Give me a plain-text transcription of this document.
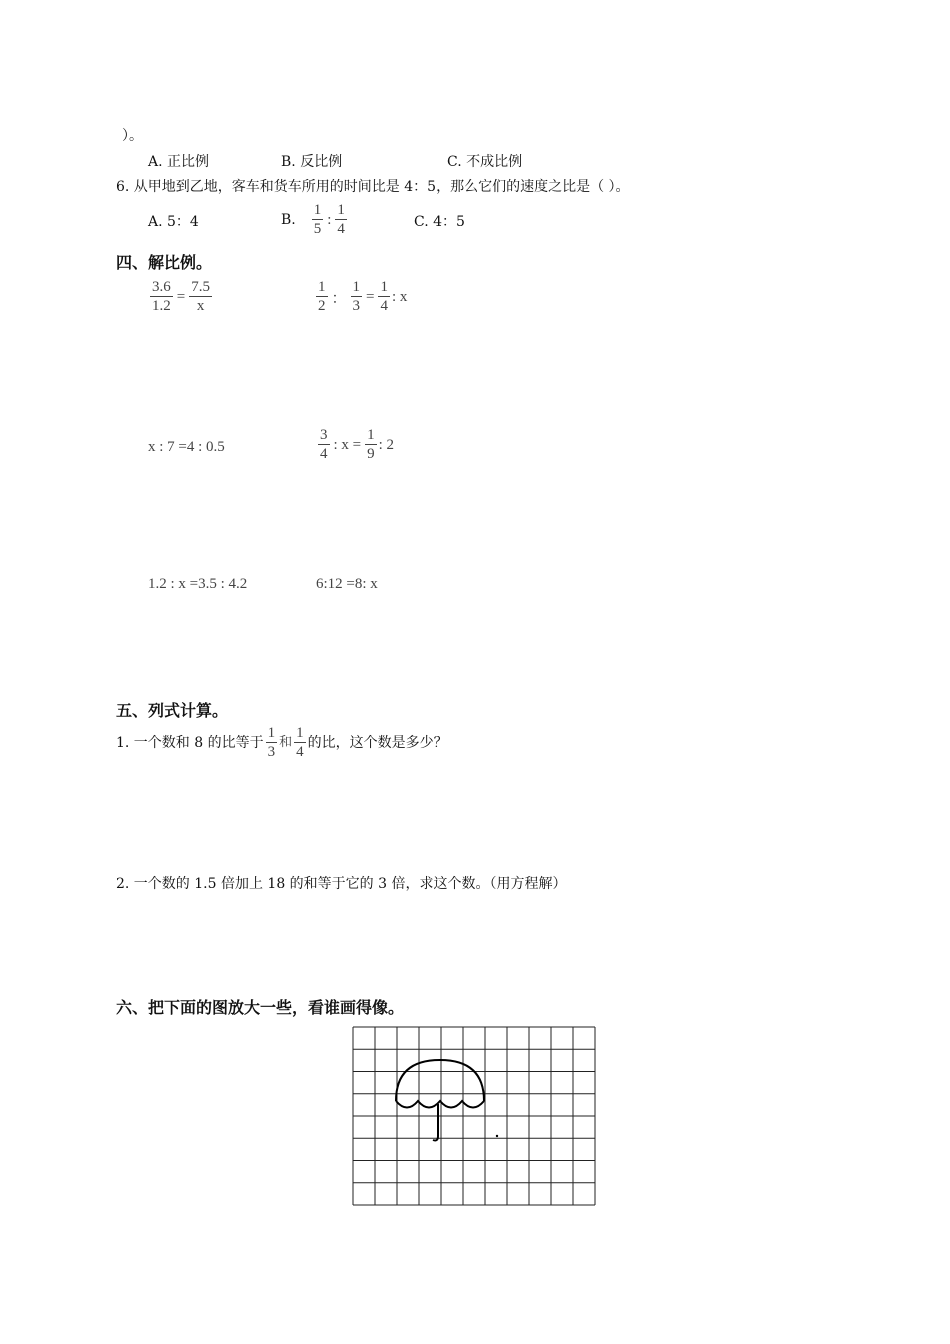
）。
A. 正比例	B. 反比例	C. 不成比例
6. 从甲地到乙地，客车和货车所用的时间比是 4：5，那么它们的速度之比是（ ）。
A. 5：4	B. $\frac{1}{5}$ : $\frac{1}{4}$	C. 4：5
四、解比例。
$\frac{3.6}{1.2} = \frac{7.5}{x}$	$\frac{1}{2}$ ： $\frac{1}{3} = \frac{1}{4}$ : x
x : 7 =4 : 0.5	$\frac{3}{4}$ : $x = \frac{1}{9}$ : 2
1.2 : x =3.5 : 4.2	6:12 =8: x
五、列式计算。
1. 一个数和 8 的比等于 $\frac{1}{3}$ 和 $\frac{1}{4}$ 的比，这个数是多少？
2. 一个数的 1.5 倍加上 18 的和等于它的 3 倍，求这个数。（用方程解）
六、把下面的图放大一些，看谁画得像。
